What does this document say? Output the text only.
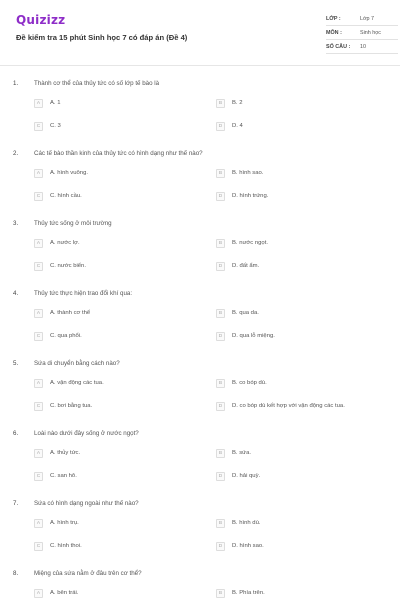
Quizizz
Đề kiểm tra 15 phút Sinh học 7 có đáp án (Đề 4)
LỚP :	Lớp 7
MÔN :	Sinh học
SỐ CÂU : 10
1.	Thành cơ thể của thủy tức có số lớp tế bào là
A	A. 1	B	B. 2
C	C. 3	D	D. 4
2.	Các tế bào thần kinh của thủy tức có hình dạng như thế nào?
A	A. hình vuông.	B	B. hình sao.
C	C. hình cầu.	D	D. hình trứng.
3.	Thủy tức sống ở môi trường
A	A. nước lợ.	B	B. nước ngọt.
C	C. nước biển.	D	D. đất ẩm.
4.	Thủy tức thực hiện trao đổi khí qua:
A	A. thành cơ thể	B	B. qua da.
C	C. qua phổi.	D	D. qua lỗ miệng.
5.	Sứa di chuyển bằng cách nào?
A	A. vận động các tua.	B	B. co bóp dù.
C	C. bơi bằng tua.	D	D. co bóp dù kết hợp với vận động các tua.
6.	Loài nào dưới đây sống ở nước ngọt?
A	A. thủy tức.	B	B. sứa.
C	C. san hô.	D	D. hải quỳ.
7.	Sứa có hình dạng ngoài như thế nào?
A	A. hình trụ.	B	B. hình dù.
C	C. hình thoi.	D	D. hình sao.
8.	Miệng của sứa nằm ở đâu trên cơ thể?
A	A. bên trái.	B	B. Phía trên.
